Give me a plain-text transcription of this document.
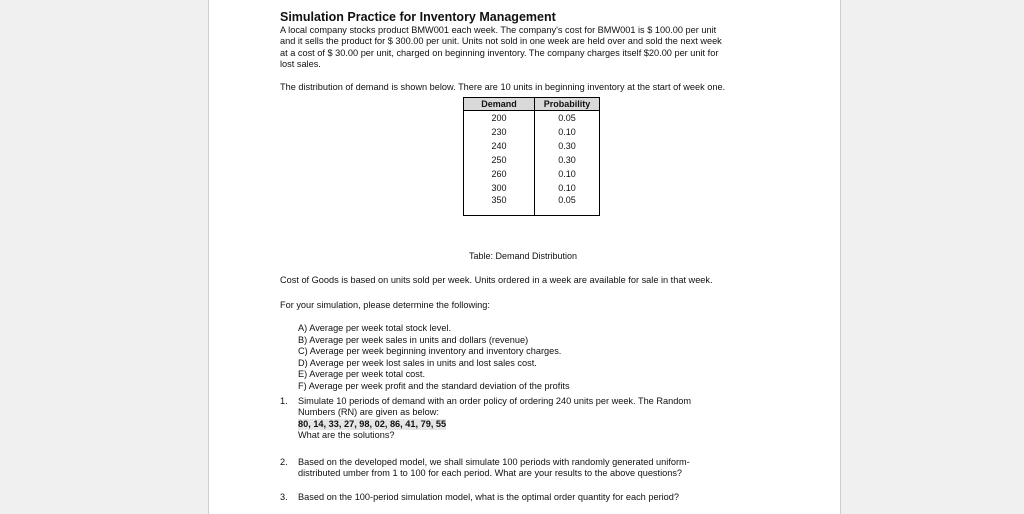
Simulation Practice for Inventory Management

A local company stocks product BMW001 each week. The company's cost for BMW001 is $ 100.00 per unit

and it sells the product for $ 300.00 per unit. Units not sold in one week are held over and sold the next week

at a cost of $ 30.00 per unit, charged on beginning inventory. The company charges itself $20.00 per unit for

lost sales.

The distribution of demand is shown below. There are 10 units in beginning inventory at the start of week one.

Demand	Probability
200	0.05
230	0.10
240	0.30
250	0.30
260	0.10
300	0.10
350	0.05
Table: Demand Distribution

Cost of Goods is based on units sold per week. Units ordered in a week are available for sale in that week.

For your simulation, please determine the following:

A) Average per week total stock level.
B) Average per week sales in units and dollars (revenue)
C) Average per week beginning inventory and inventory charges.
D) Average per week lost sales in units and lost sales cost.
E) Average per week total cost.
F) Average per week profit and the standard deviation of the profits
1. Simulate 10 periods of demand with an order policy of ordering 240 units per week. The Random
Numbers (RN) are given as below:
80, 14, 33, 27, 98, 02, 86, 41, 79, 55
What are the solutions?
2. Based on the developed model, we shall simulate 100 periods with randomly generated uniform-
distributed umber from 1 to 100 for each period. What are your results to the above questions?
3. Based on the 100-period simulation model, what is the optimal order quantity for each period?
